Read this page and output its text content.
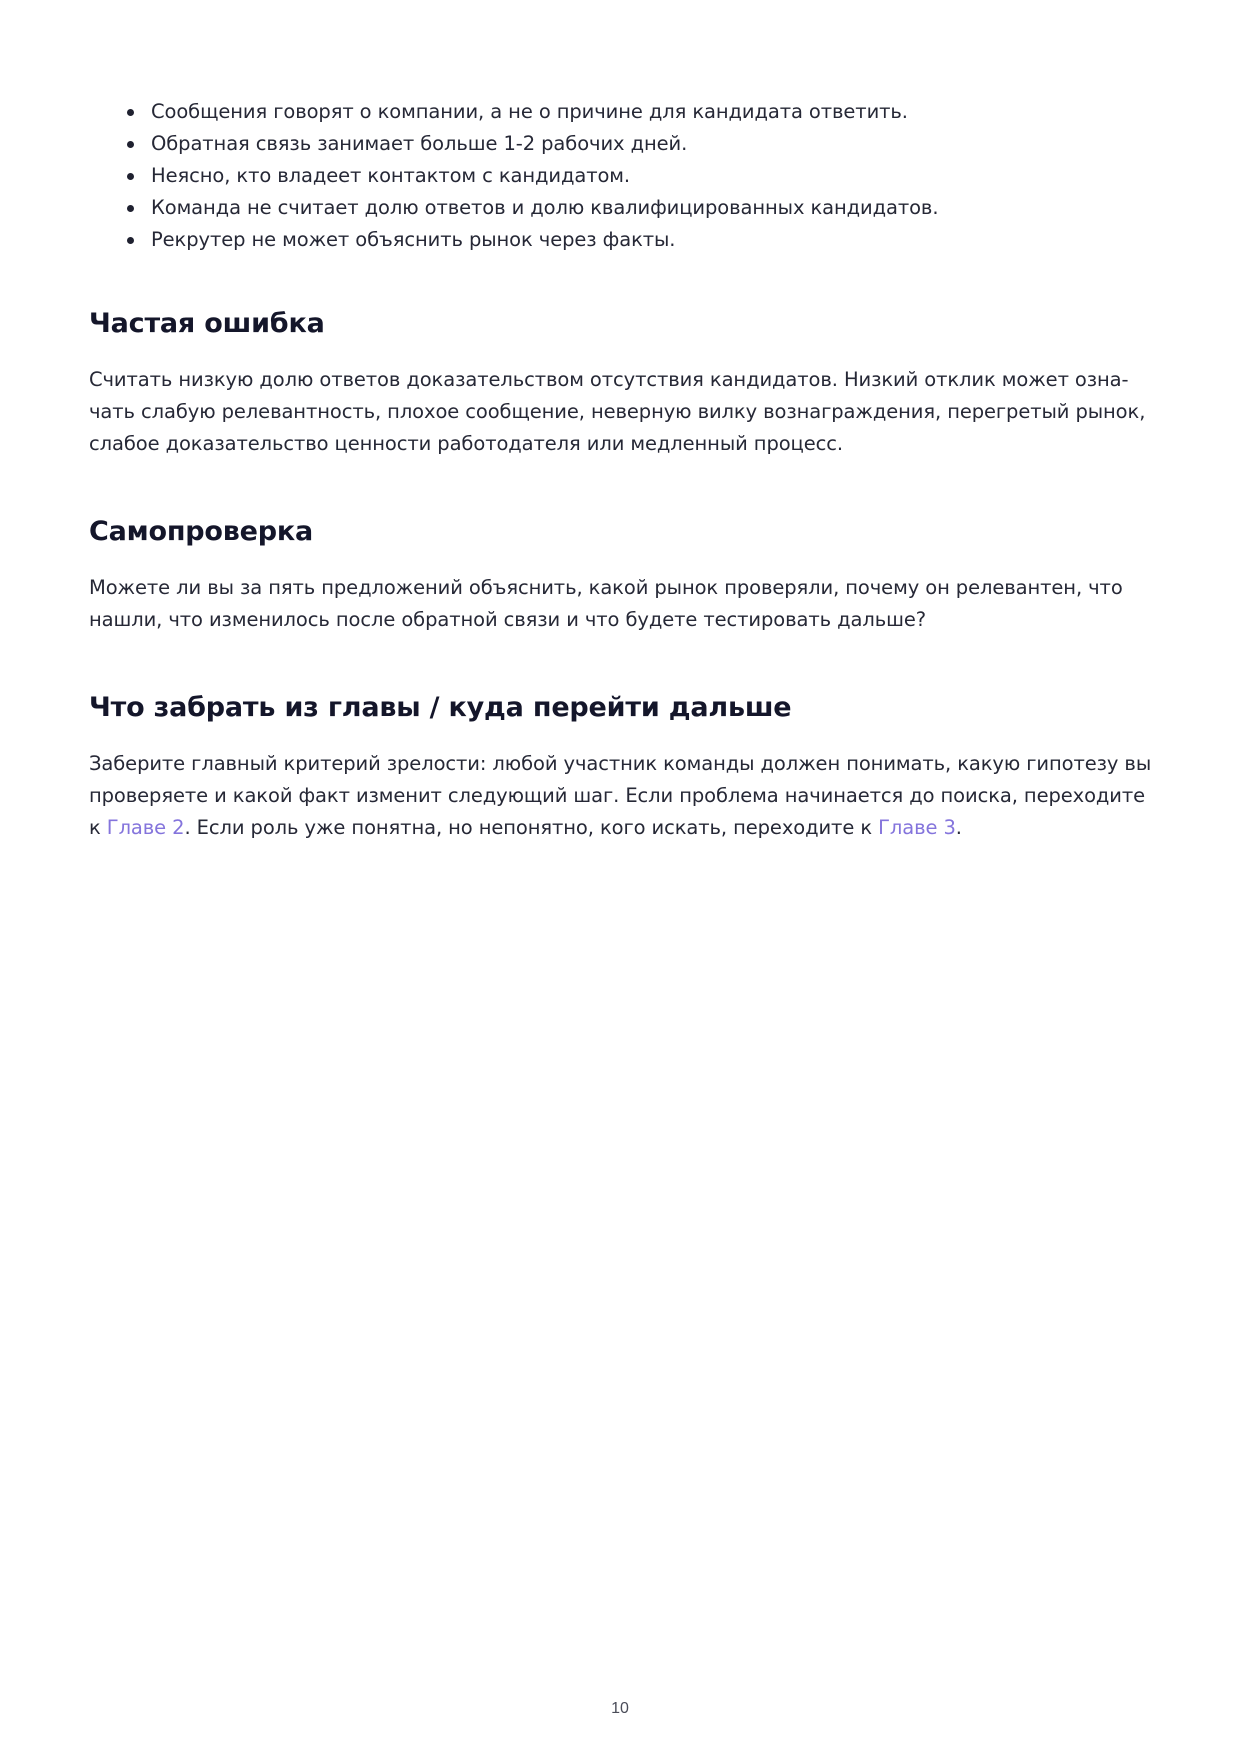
Сообщения говорят о компании, а не о причине для кандидата ответить.
Обратная связь занимает больше 1-2 рабочих дней.
Неясно, кто владеет контактом с кандидатом.
Команда не считает долю ответов и долю квалифицированных кандидатов.
Рекрутер не может объяснить рынок через факты.
Частая ошибка

Считать низкую долю ответов доказательством отсутствия кандидатов. Низкий отклик может озна-
чать слабую релевантность, плохое сообщение, неверную вилку вознаграждения, перегретый рынок,
слабое доказательство ценности работодателя или медленный процесс.

Самопроверка

Можете ли вы за пять предложений объяснить, какой рынок проверяли, почему он релевантен, что
нашли, что изменилось после обратной связи и что будете тестировать дальше?

Что забрать из главы / куда перейти дальше

Заберите главный критерий зрелости: любой участник команды должен понимать, какую гипотезу вы
проверяете и какой факт изменит следующий шаг. Если проблема начинается до поиска, переходите
к Главе 2. Если роль уже понятна, но непонятно, кого искать, переходите к Главе 3.

10
